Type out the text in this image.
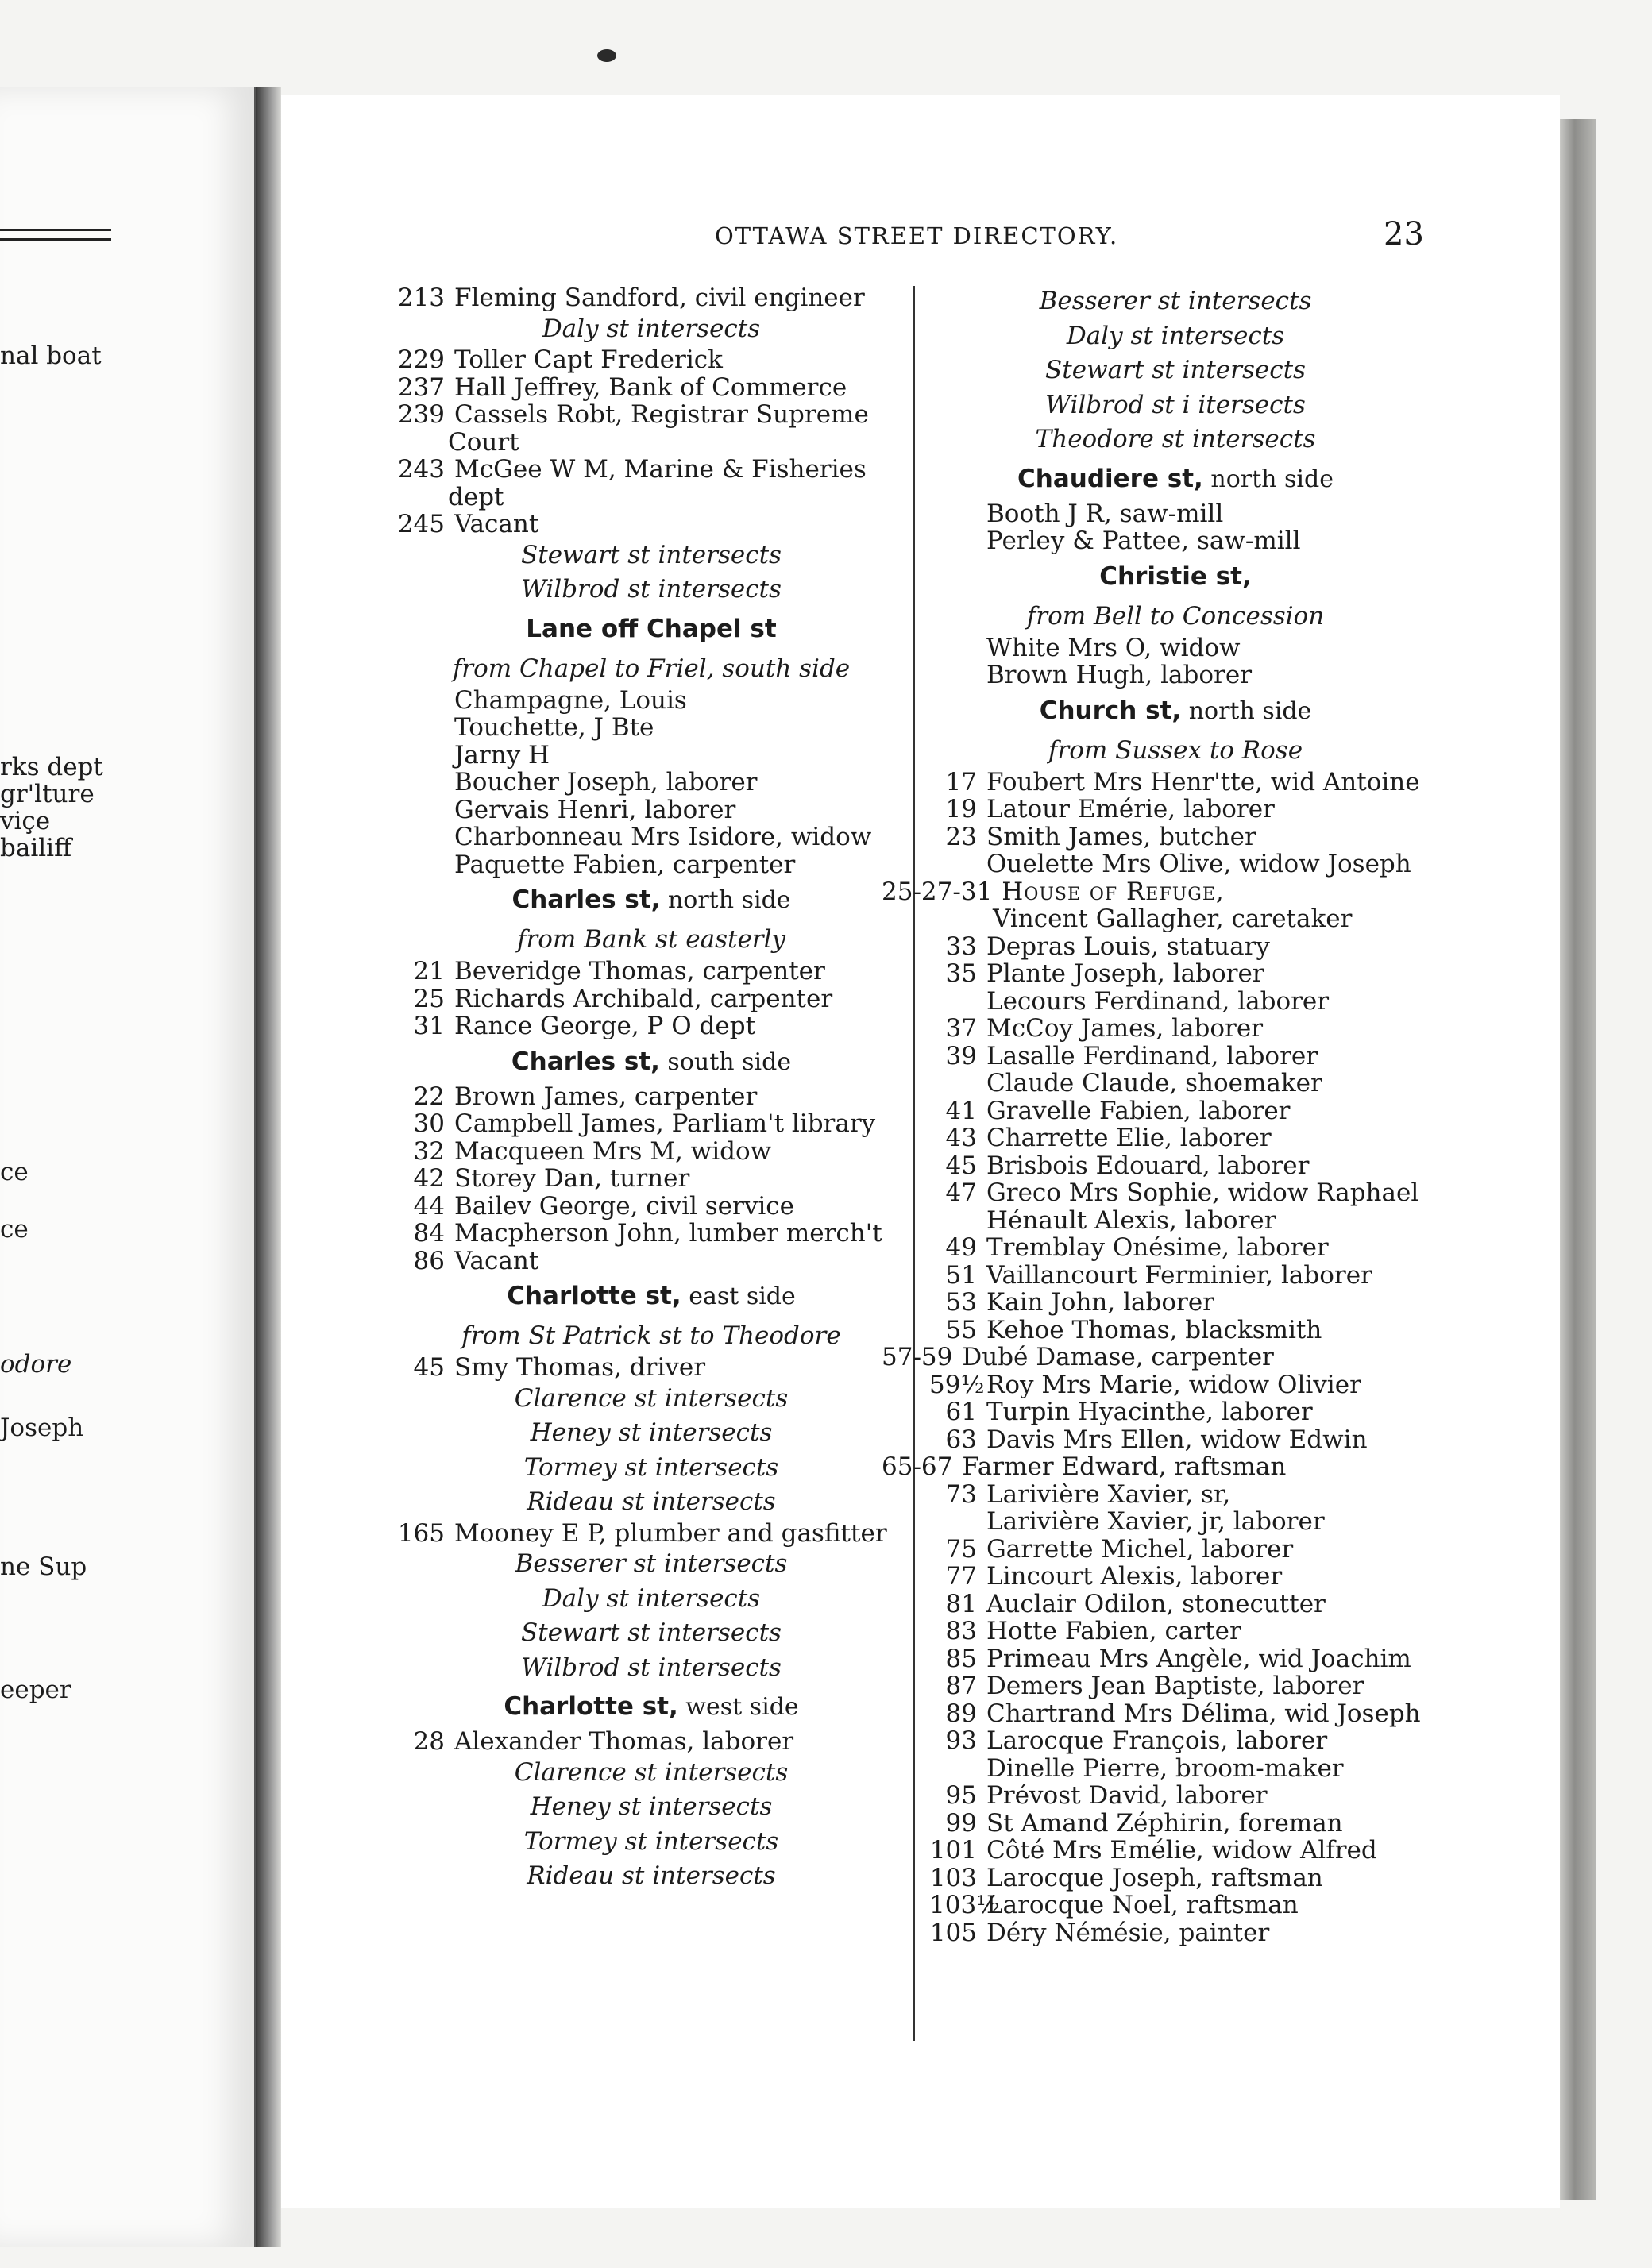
nal boat
rks dept
gr'lture
viçe
bailiff
ce
ce
odore
Joseph
ne Sup
eeper
OTTAWA STREET DIRECTORY.	23
213 Fleming Sandford, civil engineer
Daly st intersects
229 Toller Capt Frederick
237 Hall Jeffrey, Bank of Commerce
239 Cassels Robt, Registrar Supreme
Court
243 McGee W M, Marine & Fisheries
dept
245 Vacant
Stewart st intersects
Wilbrod st intersects
Lane off Chapel st
from Chapel to Friel, south side
Champagne, Louis
Touchette, J Bte
Jarny H
Boucher Joseph, laborer
Gervais Henri, laborer
Charbonneau Mrs Isidore, widow
Paquette Fabien, carpenter
Charles st, north side
from Bank st easterly
21 Beveridge Thomas, carpenter
25 Richards Archibald, carpenter
31 Rance George, P O dept
Charles st, south side
22 Brown James, carpenter
30 Campbell James, Parliam't library
32 Macqueen Mrs M, widow
42 Storey Dan, turner
44 Bailev George, civil service
84 Macpherson John, lumber merch't
86 Vacant
Charlotte st, east side
from St Patrick st to Theodore
45 Smy Thomas, driver
Clarence st intersects
Heney st intersects
Tormey st intersects
Rideau st intersects
165 Mooney E P, plumber and gasfitter
Besserer st intersects
Daly st intersects
Stewart st intersects
Wilbrod st intersects
Charlotte st, west side
28 Alexander Thomas, laborer
Clarence st intersects
Heney st intersects
Tormey st intersects
Rideau st intersects
Besserer st intersects
Daly st intersects
Stewart st intersects
Wilbrod st i itersects
Theodore st intersects
Chaudiere st, north side
Booth J R, saw-mill
Perley & Pattee, saw-mill
Christie st,
from Bell to Concession
White Mrs O, widow
Brown Hugh, laborer
Church st, north side
from Sussex to Rose
17 Foubert Mrs Henr'tte, wid Antoine
19 Latour Emérie, laborer
23 Smith James, butcher
Ouelette Mrs Olive, widow Joseph
25-27-31 House of Refuge,
Vincent Gallagher, caretaker
33 Depras Louis, statuary
35 Plante Joseph, laborer
Lecours Ferdinand, laborer
37 McCoy James, laborer
39 Lasalle Ferdinand, laborer
Claude Claude, shoemaker
41 Gravelle Fabien, laborer
43 Charrette Elie, laborer
45 Brisbois Edouard, laborer
47 Greco Mrs Sophie, widow Raphael
Hénault Alexis, laborer
49 Tremblay Onésime, laborer
51 Vaillancourt Ferminier, laborer
53 Kain John, laborer
55 Kehoe Thomas, blacksmith
57-59 Dubé Damase, carpenter
59½Roy Mrs Marie, widow Olivier
61 Turpin Hyacinthe, laborer
63 Davis Mrs Ellen, widow Edwin
65-67 Farmer Edward, raftsman
73 Larivière Xavier, sr,
Larivière Xavier, jr, laborer
75 Garrette Michel, laborer
77 Lincourt Alexis, laborer
81 Auclair Odilon, stonecutter
83 Hotte Fabien, carter
85 Primeau Mrs Angèle, wid Joachim
87 Demers Jean Baptiste, laborer
89 Chartrand Mrs Délima, wid Joseph
93 Larocque François, laborer
Dinelle Pierre, broom-maker
95 Prévost David, laborer
99 St Amand Zéphirin, foreman
101 Côté Mrs Emélie, widow Alfred
103 Larocque Joseph, raftsman
103½Larocque Noel, raftsman
105 Déry Némésie, painter
